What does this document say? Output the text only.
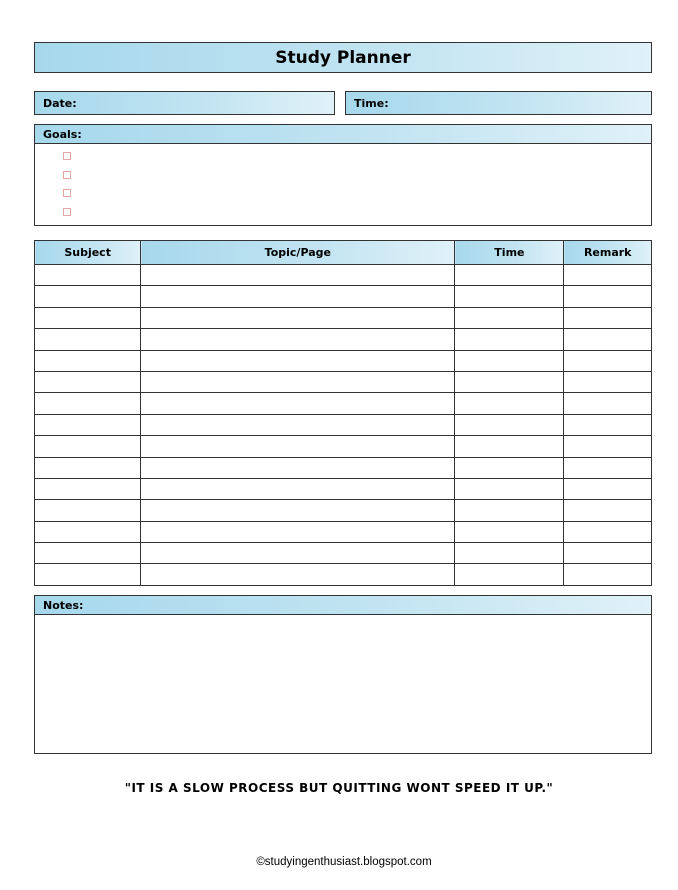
Study Planner
Date:	Time:
Goals:
Subject	Topic/Page	Time	Remark

Notes:
"IT IS A SLOW PROCESS BUT QUITTING WONT SPEED IT UP."
©studyingenthusiast.blogspot.com
